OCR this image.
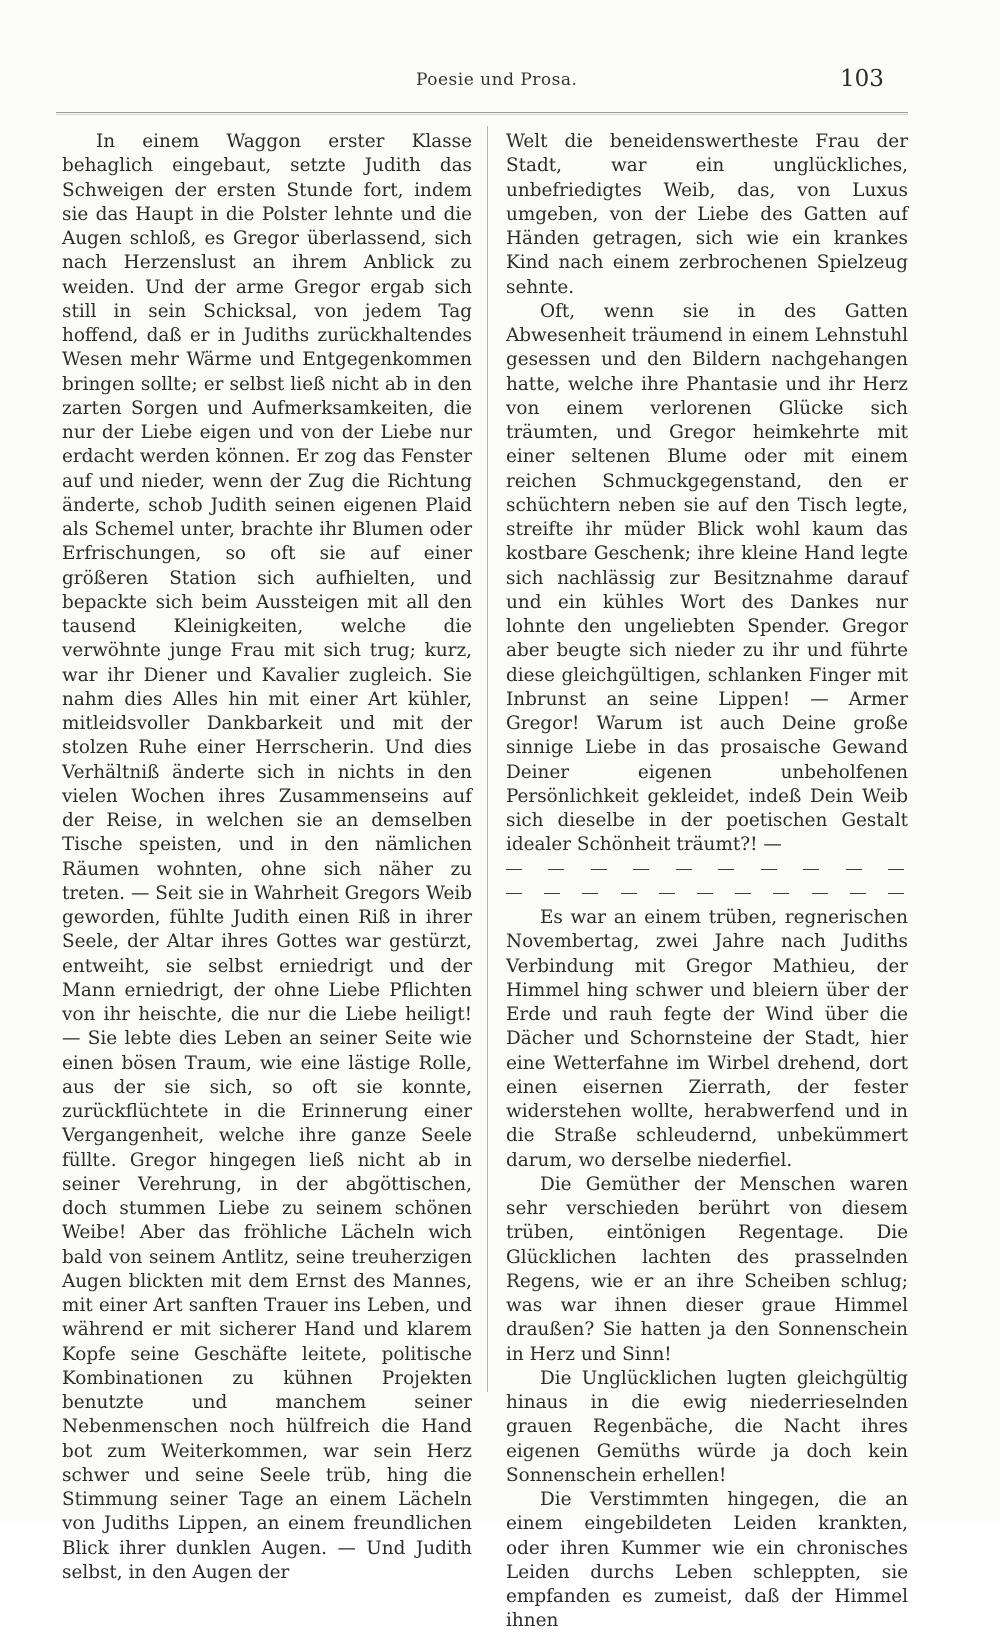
Poesie und Prosa.	103

In einem Waggon erster Klasse behaglich eingebaut, setzte Judith das Schweigen der ersten Stunde fort, indem sie das Haupt in die Polster lehnte und die Augen schloß, es Gregor überlassend, sich nach Herzenslust an ihrem Anblick zu weiden. Und der arme Gregor ergab sich still in sein Schicksal, von jedem Tag hoffend, daß er in Judiths zurückhaltendes Wesen mehr Wärme und Entgegenkommen bringen sollte; er selbst ließ nicht ab in den zarten Sorgen und Aufmerksamkeiten, die nur der Liebe eigen und von der Liebe nur erdacht werden können. Er zog das Fenster auf und nieder, wenn der Zug die Richtung änderte, schob Judith seinen eigenen Plaid als Schemel unter, brachte ihr Blumen oder Erfrischungen, so oft sie auf einer größeren Station sich aufhielten, und bepackte sich beim Aussteigen mit all den tausend Kleinigkeiten, welche die verwöhnte junge Frau mit sich trug; kurz, war ihr Diener und Kavalier zugleich. Sie nahm dies Alles hin mit einer Art kühler, mitleidsvoller Dankbarkeit und mit der stolzen Ruhe einer Herrscherin. Und dies Verhältniß änderte sich in nichts in den vielen Wochen ihres Zusammenseins auf der Reise, in welchen sie an demselben Tische speisten, und in den nämlichen Räumen wohnten, ohne sich näher zu treten. — Seit sie in Wahrheit Gregors Weib geworden, fühlte Judith einen Riß in ihrer Seele, der Altar ihres Gottes war gestürzt, entweiht, sie selbst erniedrigt und der Mann erniedrigt, der ohne Liebe Pflichten von ihr heischte, die nur die Liebe heiligt! — Sie lebte dies Leben an seiner Seite wie einen bösen Traum, wie eine lästige Rolle, aus der sie sich, so oft sie konnte, zurückflüchtete in die Erinnerung einer Vergangenheit, welche ihre ganze Seele füllte. Gregor hingegen ließ nicht ab in seiner Verehrung, in der abgöttischen, doch stummen Liebe zu seinem schönen Weibe! Aber das fröhliche Lächeln wich bald von seinem Antlitz, seine treuherzigen Augen blickten mit dem Ernst des Mannes, mit einer Art sanften Trauer ins Leben, und während er mit sicherer Hand und klarem Kopfe seine Geschäfte leitete, politische Kombinationen zu kühnen Projekten benutzte und manchem seiner Nebenmenschen noch hülfreich die Hand bot zum Weiterkommen, war sein Herz schwer und seine Seele trüb, hing die Stimmung seiner Tage an einem Lächeln von Judiths Lippen, an einem freundlichen Blick ihrer dunklen Augen. — Und Judith selbst, in den Augen der

Welt die beneidenswertheste Frau der Stadt, war ein unglückliches, unbefriedigtes Weib, das, von Luxus umgeben, von der Liebe des Gatten auf Händen getragen, sich wie ein krankes Kind nach einem zerbrochenen Spielzeug sehnte.

Oft, wenn sie in des Gatten Abwesenheit träumend in einem Lehnstuhl gesessen und den Bildern nachgehangen hatte, welche ihre Phantasie und ihr Herz von einem verlorenen Glücke sich träumten, und Gregor heimkehrte mit einer seltenen Blume oder mit einem reichen Schmuckgegenstand, den er schüchtern neben sie auf den Tisch legte, streifte ihr müder Blick wohl kaum das kostbare Geschenk; ihre kleine Hand legte sich nachlässig zur Besitznahme darauf und ein kühles Wort des Dankes nur lohnte den ungeliebten Spender. Gregor aber beugte sich nieder zu ihr und führte diese gleichgültigen, schlanken Finger mit Inbrunst an seine Lippen! — Armer Gregor! Warum ist auch Deine große sinnige Liebe in das prosaische Gewand Deiner eigenen unbeholfenen Persönlichkeit gekleidet, indeß Dein Weib sich dieselbe in der poetischen Gestalt idealer Schönheit träumt?! —

Es war an einem trüben, regnerischen Novembertag, zwei Jahre nach Judiths Verbindung mit Gregor Mathieu, der Himmel hing schwer und bleiern über der Erde und rauh fegte der Wind über die Dächer und Schornsteine der Stadt, hier eine Wetterfahne im Wirbel drehend, dort einen eisernen Zierrath, der fester widerstehen wollte, herabwerfend und in die Straße schleudernd, unbekümmert darum, wo derselbe niederfiel.

Die Gemüther der Menschen waren sehr verschieden berührt von diesem trüben, eintönigen Regentage. Die Glücklichen lachten des prasselnden Regens, wie er an ihre Scheiben schlug; was war ihnen dieser graue Himmel draußen? Sie hatten ja den Sonnenschein in Herz und Sinn!

Die Unglücklichen lugten gleichgültig hinaus in die ewig niederrieselnden grauen Regenbäche, die Nacht ihres eigenen Gemüths würde ja doch kein Sonnenschein erhellen!

Die Verstimmten hingegen, die an einem eingebildeten Leiden krankten, oder ihren Kummer wie ein chronisches Leiden durchs Leben schleppten, sie empfanden es zumeist, daß der Himmel ihnen
